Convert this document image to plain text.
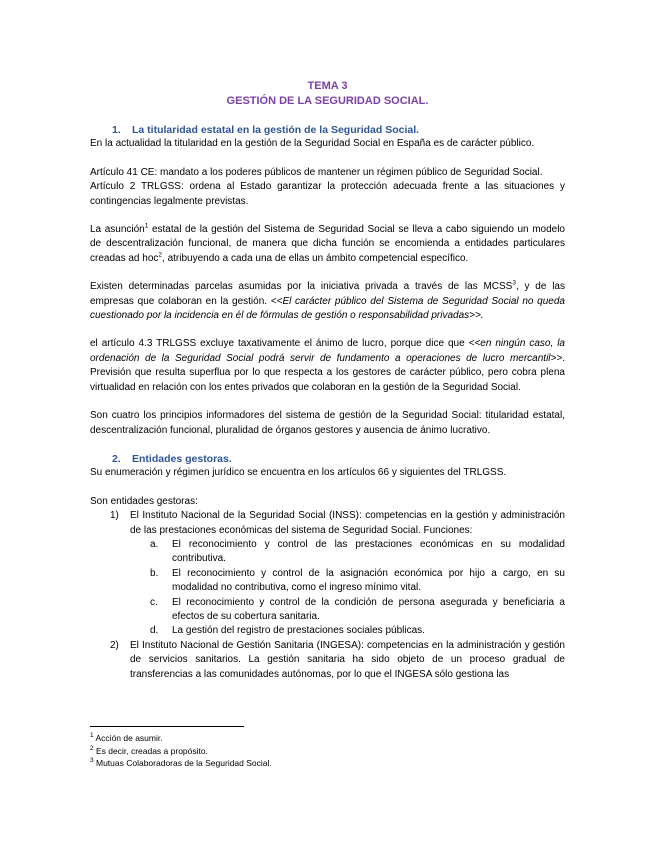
TEMA 3
GESTIÓN DE LA SEGURIDAD SOCIAL.
1. La titularidad estatal en la gestión de la Seguridad Social.

En la actualidad la titularidad en la gestión de la Seguridad Social en España es de carácter público.

Artículo 41 CE: mandato a los poderes públicos de mantener un régimen público de Seguridad Social.

Artículo 2 TRLGSS: ordena al Estado garantizar la protección adecuada frente a las situaciones y contingencias legalmente previstas.

La asunción$^1$ estatal de la gestión del Sistema de Seguridad Social se lleva a cabo siguiendo un modelo de descentralización funcional, de manera que dicha función se encomienda a entidades particulares creadas ad hoc$^2$, atribuyendo a cada una de ellas un ámbito competencial específico.

Existen determinadas parcelas asumidas por la iniciativa privada a través de las MCSS$^3$, y de las empresas que colaboran en la gestión. <<El carácter público del Sistema de Seguridad Social no queda cuestionado por la incidencia en él de fórmulas de gestión o responsabilidad privadas>>.

el artículo 4.3 TRLGSS excluye taxativamente el ánimo de lucro, porque dice que <<en ningún caso, la ordenación de la Seguridad Social podrá servir de fundamento a operaciones de lucro mercantil>>. Previsión que resulta superflua por lo que respecta a los gestores de carácter público, pero cobra plena virtualidad en relación con los entes privados que colaboran en la gestión de la Seguridad Social.

Son cuatro los principios informadores del sistema de gestión de la Seguridad Social: titularidad estatal, descentralización funcional, pluralidad de órganos gestores y ausencia de ánimo lucrativo.

2. Entidades gestoras.

Su enumeración y régimen jurídico se encuentra en los artículos 66 y siguientes del TRLGSS.

Son entidades gestoras:

1) El Instituto Nacional de la Seguridad Social (INSS): competencias en la gestión y administración de las prestaciones económicas del sistema de Seguridad Social. Funciones:
a. El reconocimiento y control de las prestaciones económicas en su modalidad contributiva.
b. El reconocimiento y control de la asignación económica por hijo a cargo, en su modalidad no contributiva, como el ingreso mínimo vital.
c. El reconocimiento y control de la condición de persona asegurada y beneficiaria a efectos de su cobertura sanitaria.
d. La gestión del registro de prestaciones sociales públicas.
2) El Instituto Nacional de Gestión Sanitaria (INGESA): competencias en la administración y gestión de servicios sanitarios. La gestión sanitaria ha sido objeto de un proceso gradual de transferencias a las comunidades autónomas, por lo que el INGESA sólo gestiona las
$^1$ Acción de asumir.
$^2$ Es decir, creadas a propósito.
$^3$ Mutuas Colaboradoras de la Seguridad Social.
